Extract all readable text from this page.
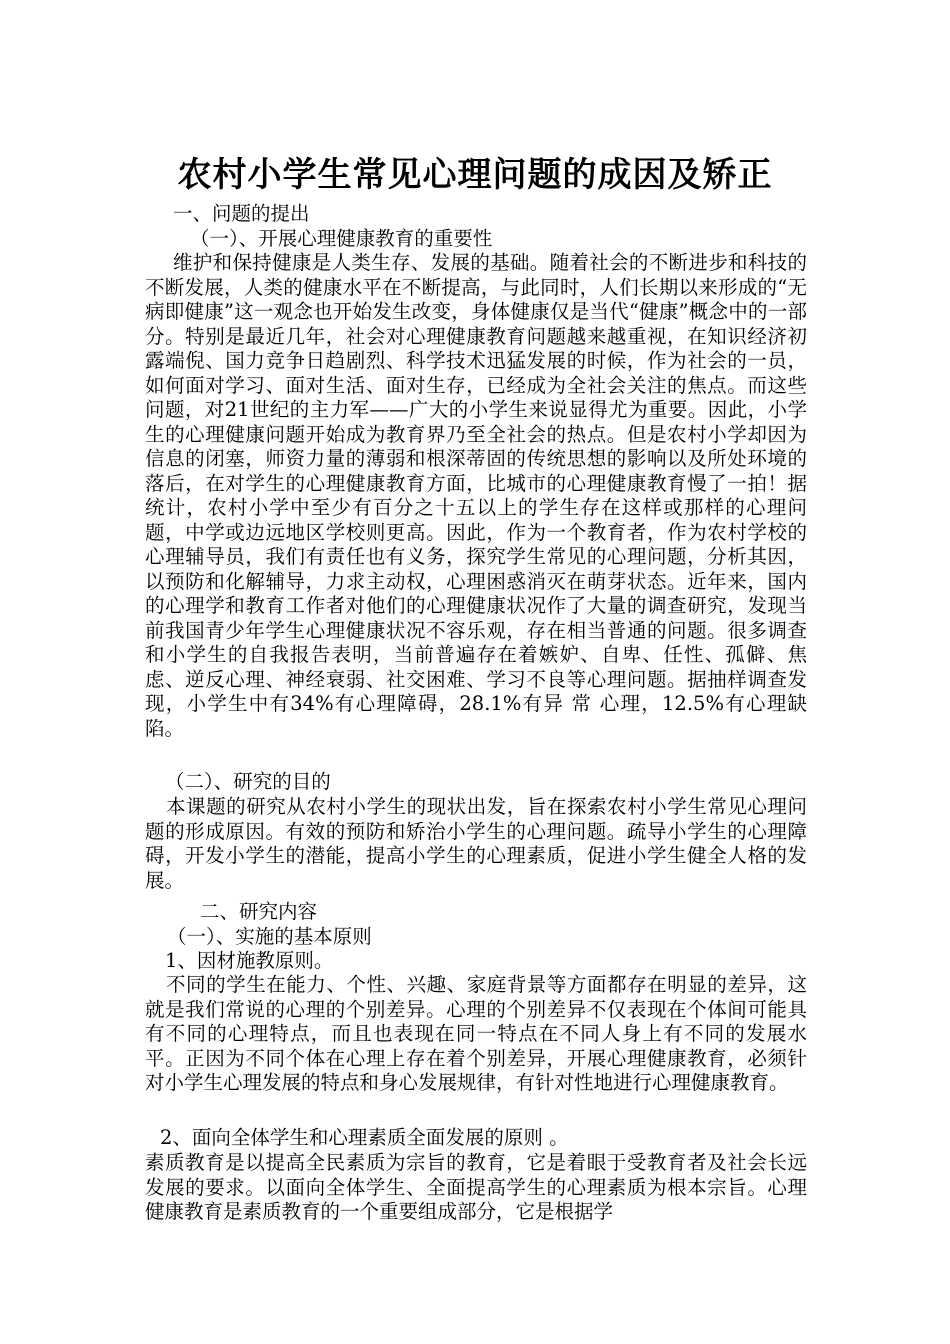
农村小学生常见心理问题的成因及矫正
一、问题的提出
（一）、开展心理健康教育的重要性
维护和保持健康是人类生存、发展的基础。随着社会的不断进步和科技的不断发展，人类的健康水平在不断提高，与此同时，人们长期以来形成的“无病即健康”这一观念也开始发生改变，身体健康仅是当代“健康”概念中的一部分。特别是最近几年，社会对心理健康教育问题越来越重视，在知识经济初露端倪、国力竞争日趋剧烈、科学技术迅猛发展的时候，作为社会的一员，如何面对学习、面对生活、面对生存，已经成为全社会关注的焦点。而这些问题，对21世纪的主力军——广大的小学生来说显得尤为重要。因此，小学生的心理健康问题开始成为教育界乃至全社会的热点。但是农村小学却因为信息的闭塞，师资力量的薄弱和根深蒂固的传统思想的影响以及所处环境的落后，在对学生的心理健康教育方面，比城市的心理健康教育慢了一拍！据统计，农村小学中至少有百分之十五以上的学生存在这样或那样的心理问题，中学或边远地区学校则更高。因此，作为一个教育者，作为农村学校的心理辅导员，我们有责任也有义务，探究学生常见的心理问题，分析其因，以预防和化解辅导，力求主动权，心理困惑消灭在萌芽状态。近年来，国内的心理学和教育工作者对他们的心理健康状况作了大量的调查研究，发现当前我国青少年学生心理健康状况不容乐观，存在相当普通的问题。很多调查和小学生的自我报告表明，当前普遍存在着嫉妒、自卑、任性、孤僻、焦虑、逆反心理、神经衰弱、社交困难、学习不良等心理问题。据抽样调查发现，小学生中有34%有心理障碍，28.1%有异 常 心理，12.5%有心理缺陷。
（二）、研究的目的
本课题的研究从农村小学生的现状出发，旨在探索农村小学生常见心理问题的形成原因。有效的预防和矫治小学生的心理问题。疏导小学生的心理障碍，开发小学生的潜能，提高小学生的心理素质，促进小学生健全人格的发展。
二、研究内容
（一）、实施的基本原则
1、因材施教原则。
不同的学生在能力、个性、兴趣、家庭背景等方面都存在明显的差异，这就是我们常说的心理的个别差异。心理的个别差异不仅表现在个体间可能具有不同的心理特点，而且也表现在同一特点在不同人身上有不同的发展水平。正因为不同个体在心理上存在着个别差异，开展心理健康教育，必须针对小学生心理发展的特点和身心发展规律，有针对性地进行心理健康教育。
2、面向全体学生和心理素质全面发展的原则 。
素质教育是以提高全民素质为宗旨的教育，它是着眼于受教育者及社会长远发展的要求。以面向全体学生、全面提高学生的心理素质为根本宗旨。心理健康教育是素质教育的一个重要组成部分，它是根据学
